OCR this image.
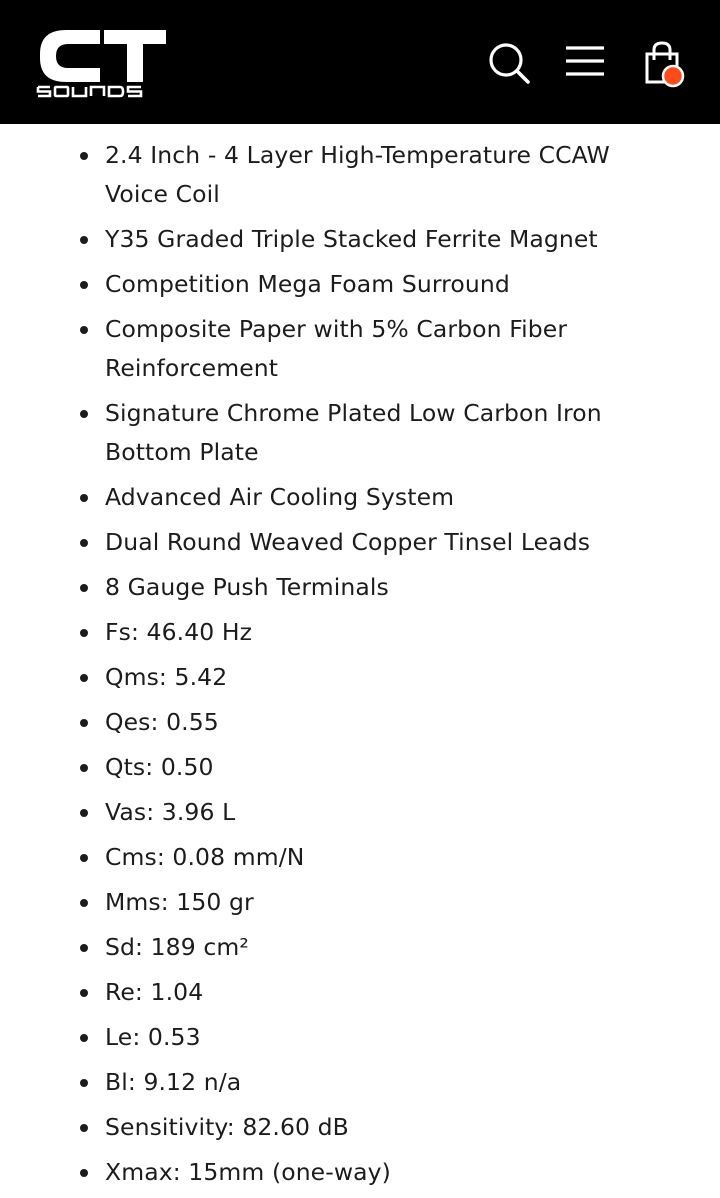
2.4 Inch - 4 Layer High-Temperature CCAW Voice Coil
Y35 Graded Triple Stacked Ferrite Magnet
Competition Mega Foam Surround
Composite Paper with 5% Carbon Fiber Reinforcement
Signature Chrome Plated Low Carbon Iron Bottom Plate
Advanced Air Cooling System
Dual Round Weaved Copper Tinsel Leads
8 Gauge Push Terminals
Fs: 46.40 Hz
Qms: 5.42
Qes: 0.55
Qts: 0.50
Vas: 3.96 L
Cms: 0.08 mm/N
Mms: 150 gr
Sd: 189 cm²
Re: 1.04
Le: 0.53
Bl: 9.12 n/a
Sensitivity: 82.60 dB
Xmax: 15mm (one-way)
